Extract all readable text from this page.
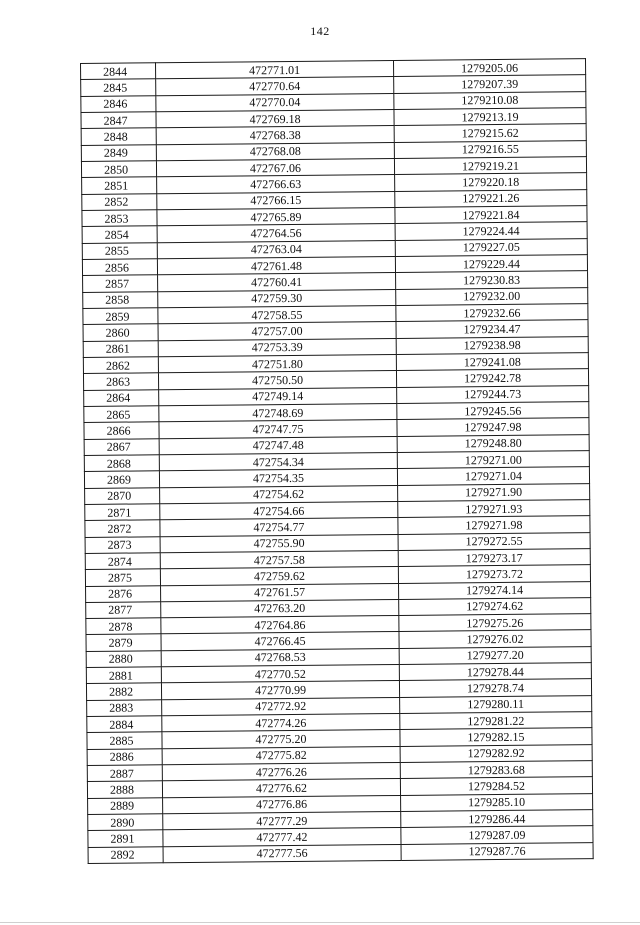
142
2844	472771.01	1279205.06
2845	472770.64	1279207.39
2846	472770.04	1279210.08
2847	472769.18	1279213.19
2848	472768.38	1279215.62
2849	472768.08	1279216.55
2850	472767.06	1279219.21
2851	472766.63	1279220.18
2852	472766.15	1279221.26
2853	472765.89	1279221.84
2854	472764.56	1279224.44
2855	472763.04	1279227.05
2856	472761.48	1279229.44
2857	472760.41	1279230.83
2858	472759.30	1279232.00
2859	472758.55	1279232.66
2860	472757.00	1279234.47
2861	472753.39	1279238.98
2862	472751.80	1279241.08
2863	472750.50	1279242.78
2864	472749.14	1279244.73
2865	472748.69	1279245.56
2866	472747.75	1279247.98
2867	472747.48	1279248.80
2868	472754.34	1279271.00
2869	472754.35	1279271.04
2870	472754.62	1279271.90
2871	472754.66	1279271.93
2872	472754.77	1279271.98
2873	472755.90	1279272.55
2874	472757.58	1279273.17
2875	472759.62	1279273.72
2876	472761.57	1279274.14
2877	472763.20	1279274.62
2878	472764.86	1279275.26
2879	472766.45	1279276.02
2880	472768.53	1279277.20
2881	472770.52	1279278.44
2882	472770.99	1279278.74
2883	472772.92	1279280.11
2884	472774.26	1279281.22
2885	472775.20	1279282.15
2886	472775.82	1279282.92
2887	472776.26	1279283.68
2888	472776.62	1279284.52
2889	472776.86	1279285.10
2890	472777.29	1279286.44
2891	472777.42	1279287.09
2892	472777.56	1279287.76
